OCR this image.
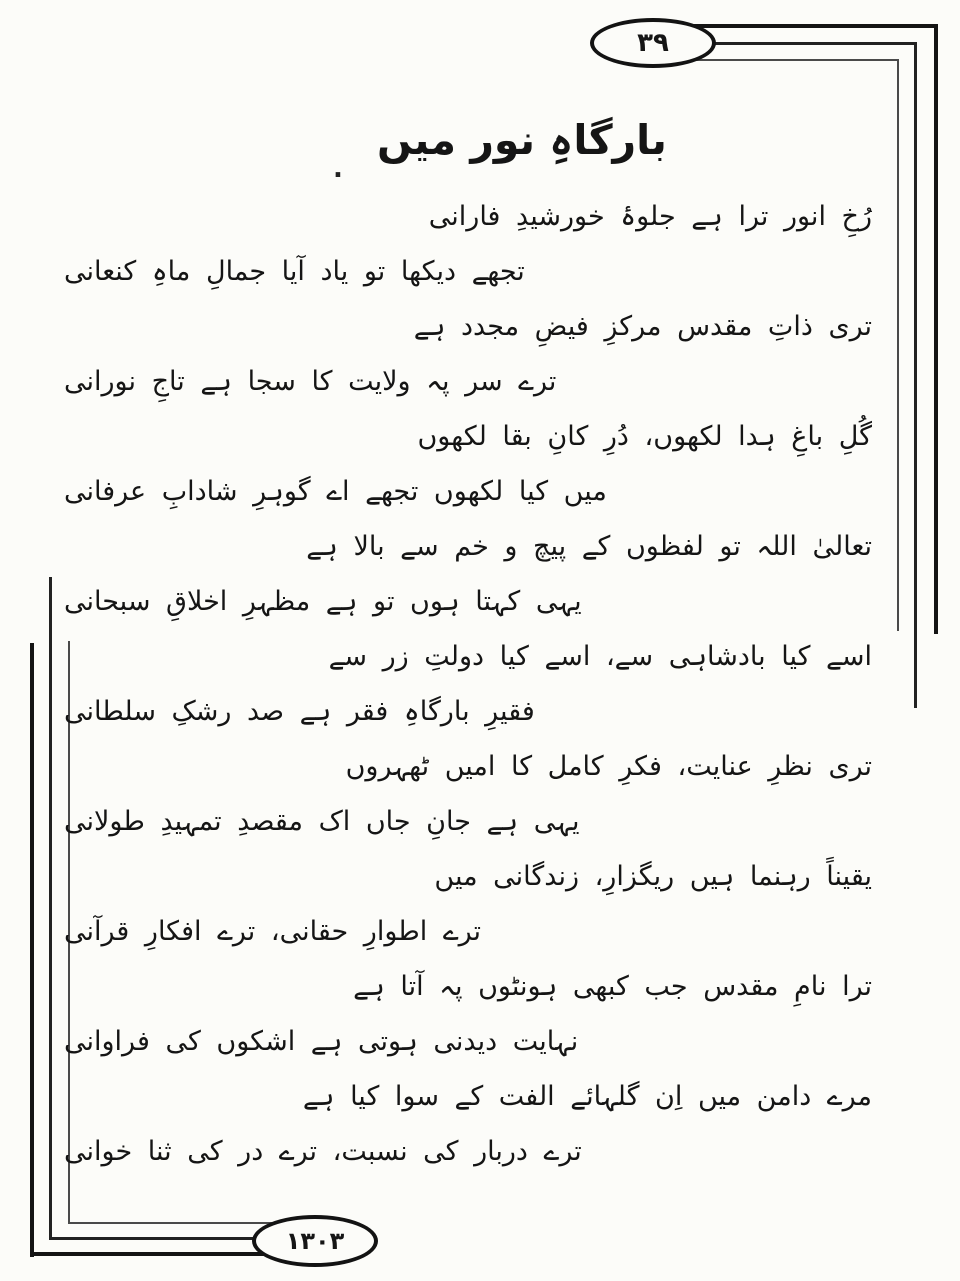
۳۹
۱۳۰۳
.
بارگاہِ نور میں
رُخِ انور ترا ہے جلوۂ خورشیدِ فارانی
تجھے دیکھا تو یاد آیا جمالِ ماہِ کنعانی
تری ذاتِ مقدس مرکزِ فیضِ مجدد ہے
ترے سر پہ ولایت کا سجا ہے تاجِ نورانی
گُلِ باغِ ہدا لکھوں، دُرِ کانِ بقا لکھوں
میں کیا لکھوں تجھے اے گوہرِ شادابِ عرفانی
تعالیٰ اللہ تو لفظوں کے پیچ و خم سے بالا ہے
یہی کہتا ہوں تو ہے مظہرِ اخلاقِ سبحانی
اسے کیا بادشاہی سے، اسے کیا دولتِ زر سے
فقیرِ بارگاہِ فقر ہے صد رشکِ سلطانی
تری نظرِ عنایت، فکرِ کامل کا امیں ٹھہروں
یہی ہے جانِ جاں اک مقصدِ تمہیدِ طولانی
یقیناً رہنما ہیں ریگزارِ، زندگانی میں
ترے اطوارِ حقانی، ترے افکارِ قرآنی
ترا نامِ مقدس جب کبھی ہونٹوں پہ آتا ہے
نہایت دیدنی ہوتی ہے اشکوں کی فراوانی
مرے دامن میں اِن گلہائے الفت کے سوا کیا ہے
ترے دربار کی نسبت، ترے در کی ثنا خوانی
